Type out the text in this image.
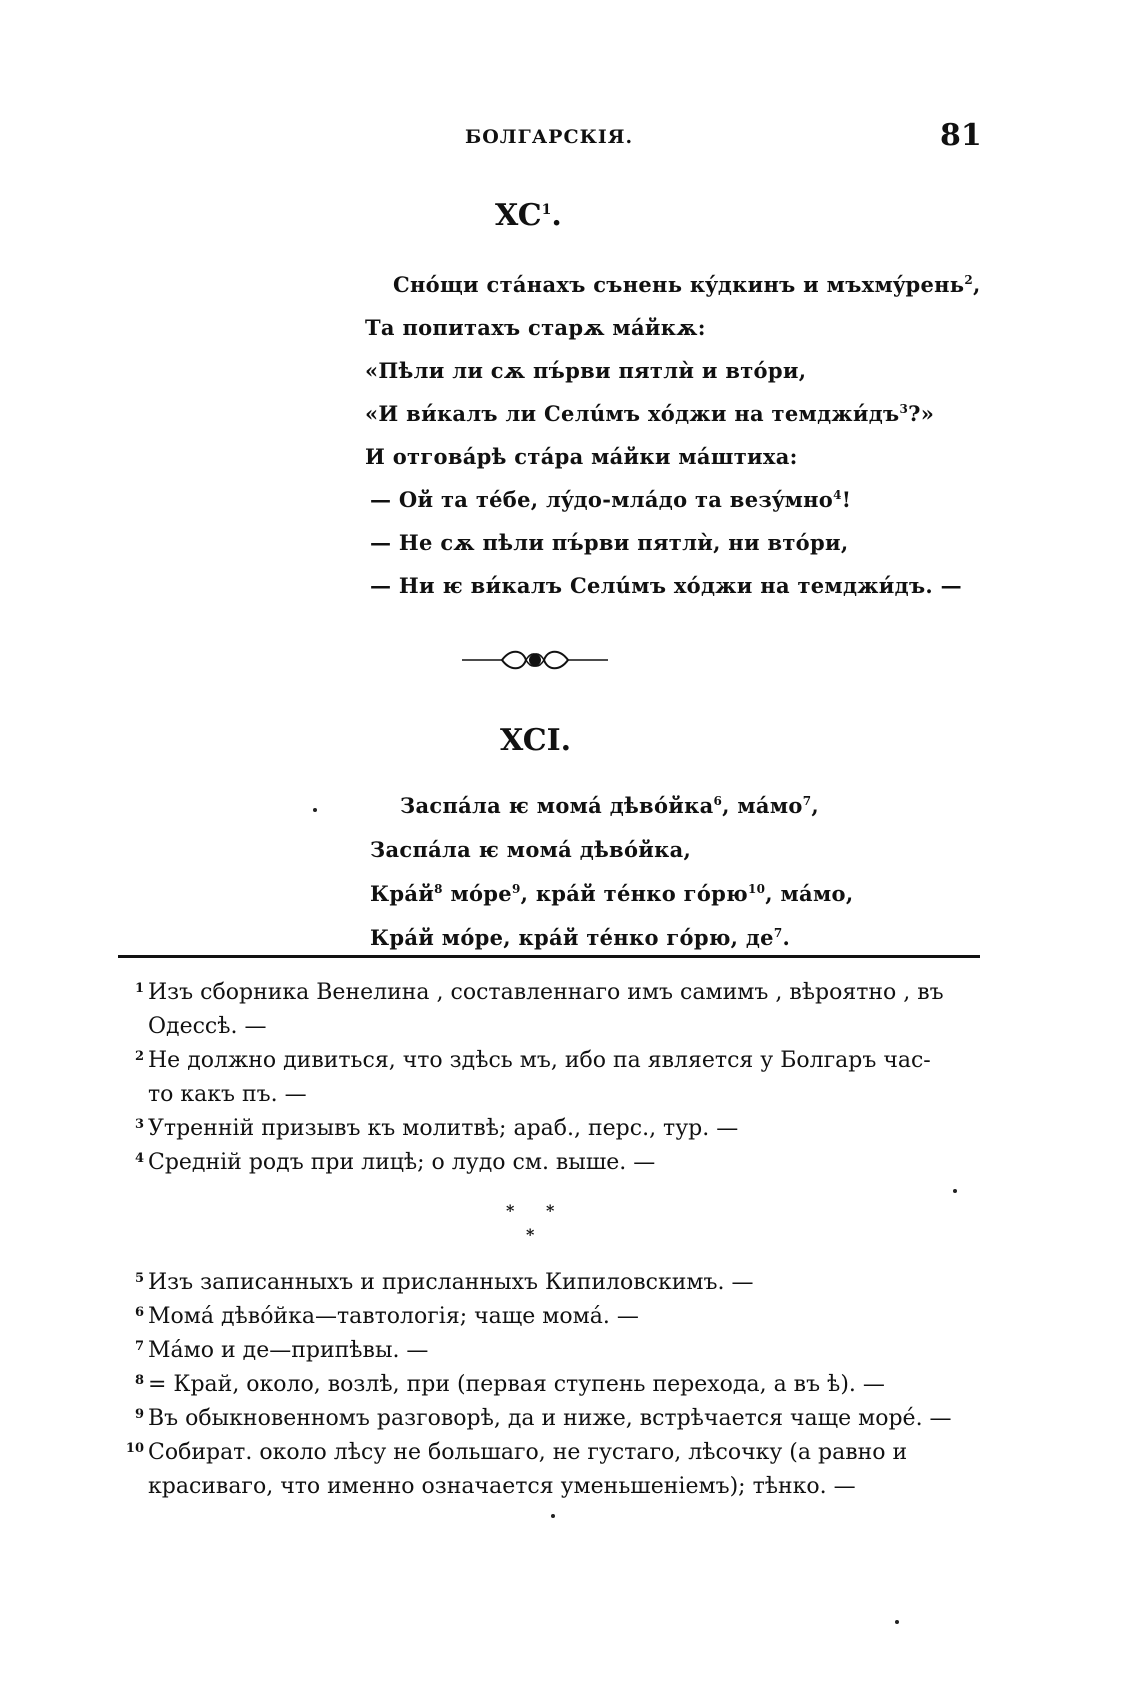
БОЛГАРСКІЯ.	81
$XC^1$.
Снóщи стáнахъ сънень кýдкинъ и мъхмýрень$^2$,
Та попитахъ старѫ мáйкѫ:
«Пѣли ли сѫ пъ́рви пятлѝ и втóри,
«И ви́калъ ли Селúмъ хóджи на $темджи́дъ^3$?»
И отговáрѣ стáра мáйки мáштиха:
— Ой та тéбе, лýдо-млáдо та везýмно$^4$!
— Не сѫ пѣли пъ́рви пятлѝ, ни втóри,
— Ни ѥ ви́калъ Селúмъ хóджи на темджи́дъ. —
XCI.
Заспáла ѥ момá дѣвóйка$^6$, мáмо$^7$,
Заспáла ѥ момá дѣвóйка,
Крáй$^8$ мóре$^9$, крáй тéнко гóрю$^{10}$, мáмо,
Крáй мóре, крáй тéнко гóрю, $де^7$.
1 Изъ сборника Венелина , составленнаго имъ самимъ , вѣроятно , въ
Одессѣ. —
2 Не должно дивиться, что здѣсь мъ, ибо па является у Болгаръ час-
то какъ пъ. —
3 Утренній призывъ къ молитвѣ; араб., перс., тур. —
4 Средній родъ при лицѣ; о лудо см. выше. —
* *
*
5 Изъ записанныхъ и присланныхъ Кипиловскимъ. —
6 Момá дѣвóйка—тавтологія; чаще момá. —
7 Мáмо и де—припѣвы. —
8 = Край, около, возлѣ, при (первая ступень перехода, а въ ѣ). —
9 Въ обыкновенномъ разговорѣ, да и ниже, встрѣчается чаще море́. —
10 Собират. около лѣсу не большаго, не густаго, лѣсочку (а равно и
красиваго, что именно означается уменьшеніемъ); тѣнко. —
